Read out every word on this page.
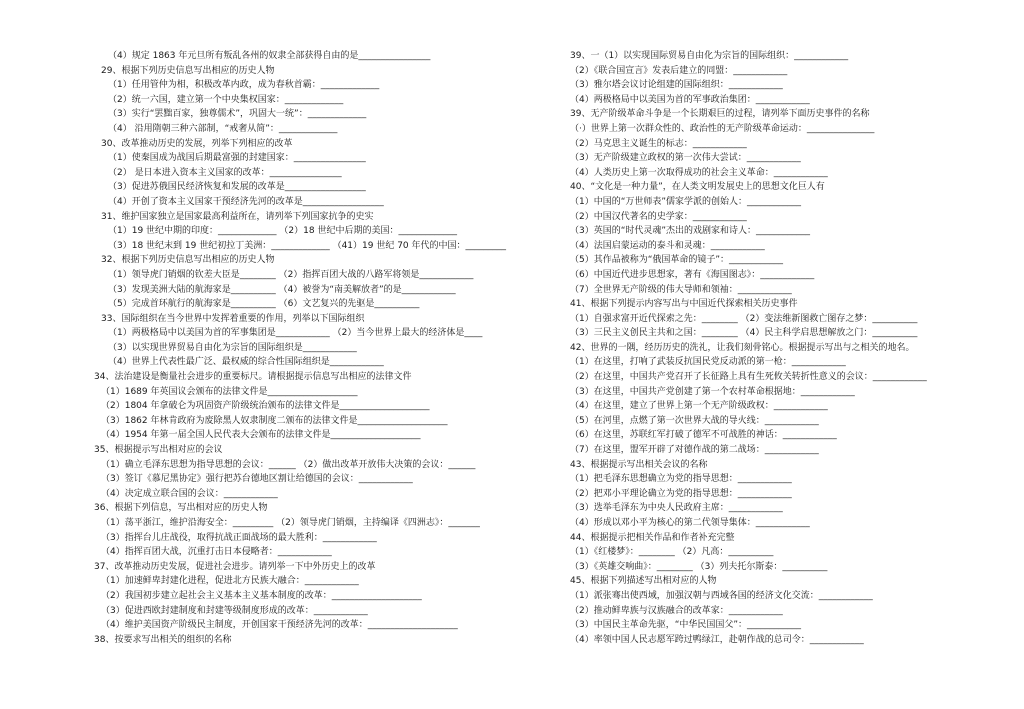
（4）规定 1863 年元旦所有叛乱各州的奴隶全部获得自由的是________________
29、根据下列历史信息写出相应的历史人物
（1）任用管仲为相，积极改革内政，成为春秋首霸：_____________
（2）统一六国，建立第一个中央集权国家：_____________
（3）实行“罢黜百家，独尊儒术”，巩固大一统”：_____________
（4） 沿用隋朝三种六部制，“戒奢从简”：_____________
30、改革推动历史的发展，列举下列相应的改革
（1）使秦国成为战国后期最富强的封建国家：________________
（2） 是日本进入资本主义国家的改革：________________
（3）促进苏俄国民经济恢复和发展的改革是__________________
（4）开创了资本主义国家干预经济先河的改革是__________________
31、维护国家独立是国家最高利益所在，请列举下列国家抗争的史实
（1）19 世纪中期的印度：_____________ （2）18 世纪中后期的美国：_____________
（3）18 世纪末到 19 世纪初拉丁美洲：_____________ （41）19 世纪 70 年代的中国：_________
32、根据下列历史信息写出相应的历史人物
（1）领导虎门销烟的钦差大臣是________ （2）指挥百团大战的八路军将领是____________
（3）发现美洲大陆的航海家是__________ （4）被誉为“南美解放者”的是____________
（5）完成首环航行的航海家是__________ （6）文艺复兴的先驱是__________
33、国际组织在当今世界中发挥着重要的作用，列举以下国际组织
（1）两极格局中以美国为首的军事集团是____________ （2）当今世界上最大的经济体是____
（3）以实现世界贸易自由化为宗旨的国际组织是____________
（4）世界上代表性最广泛、最权威的综合性国际组织是____________
34、法治建设是衡量社会进步的重要标尺。请根据提示信息写出相应的法律文件
（1）1689 年英国议会颁布的法律文件是____________________
（2）1804 年拿破仑为巩固资产阶级统治颁布的法律文件是____________________
（3）1862 年林肯政府为废除黑人奴隶制度二颁布的法律文件是____________________
（4）1954 年第一届全国人民代表大会颁布的法律文件是____________________
35、根据提示写出相对应的会议
（1）确立毛泽东思想为指导思想的会议：______ （2）做出改革开放伟大决策的会议：______
（3）签订《慕尼黑协定》强行把苏台德地区割让给德国的会议：____________
（4）决定成立联合国的会议：____________
36、根据下列信息，写出相对应的历史人物
（1）荡平浙江，维护沿海安全：_________ （2）领导虎门销烟，主持编译《四洲志》：_______
（3）指挥台儿庄战役，取得抗战正面战场的最大胜利：____________
（4）指挥百团大战，沉重打击日本侵略者：____________
37、改革推动历史发展，促进社会进步。请列举一下中外历史上的改革
（1）加速鲜卑封建化进程，促进北方民族大融合：____________
（2）我国初步建立起社会主义基本主义基本制度的改革：____________________
（3）促进西欧封建制度和封建等级制度形成的改革：____________
（4）维护美国资产阶级民主制度，开创国家干预经济先河的改革：____________________
38、按要求写出相关的组织的名称
39、一（1）以实现国际贸易自由化为宗旨的国际组织：____________
（2）《联合国宣言》发表后建立的同盟：____________
（3）雅尔塔会议讨论组建的国际组织：____________
（4）两极格局中以美国为首的军事政治集团：____________
39、无产阶级革命斗争是一个长期艰巨的过程，请列举下面历史事件的名称
（·）世界上第一次群众性的、政治性的无产阶级革命运动：_______________
（2）马克思主义诞生的标志：____________
（3）无产阶级建立政权的第一次伟大尝试：____________
（4）人类历史上第一次取得成功的社会主义革命：____________
40、“文化是一种力量”，在人类文明发展史上的思想文化巨人有
（1）中国的“万世师表”儒家学派的创始人：____________
（2）中国汉代著名的史学家：____________
（3）英国的“时代灵魂”杰出的戏剧家和诗人：____________
（4）法国启蒙运动的泰斗和灵魂：____________
（5）其作品被称为“俄国革命的镜子”：____________
（6）中国近代进步思想家，著有《海国图志》：____________
（7）全世界无产阶级的伟大导师和领袖：____________
41、根据下列提示内容写出与中国近代探索相关历史事件
（1）自强求富开近代探索之先：________ （2）变法维新图救亡图存之梦：__________
（3）三民主义创民主共和之国：________ （4）民主科学启思想解放之门：__________
42、世界的一隅，经历历史的洗礼，让我们刻骨铭心。根据提示写出与之相关的地名。
（1）在这里，打响了武装反抗国民党反动派的第一枪：____________
（2）在这里，中国共产党召开了长征路上具有生死攸关转折性意义的会议：____________
（3）在这里，中国共产党创建了第一个农村革命根据地：____________
（4）在这里，建立了世界上第一个无产阶级政权：____________
（5）在河里，点燃了第一次世界大战的导火线：____________
（6）在这里，苏联红军打破了德军不可战胜的神话：____________
（7）在这里，盟军开辟了对德作战的第二战场：____________
43、根据提示写出相关会议的名称
（1）把毛泽东思想确立为党的指导思想：____________
（2）把邓小平理论确立为党的指导思想：____________
（3）选举毛泽东为中央人民政府主席：____________
（4）形成以邓小平为核心的第二代领导集体：____________
44、根据提示把相关作品和作者补充完整
（1）《红楼梦》：________ （2）凡高：__________
（3）《英雄交响曲》：________ （3）列夫托尔斯泰：__________
45、根据下列描述写出相对应的人物
（1）派张骞出使西域，加强汉朝与西域各国的经济文化交流：____________
（2）推动鲜卑族与汉族融合的改革家：____________
（3）中国民主革命先驱，“中华民国国父”：____________
（4）率领中国人民志愿军跨过鸭绿江，赴朝作战的总司令：____________
